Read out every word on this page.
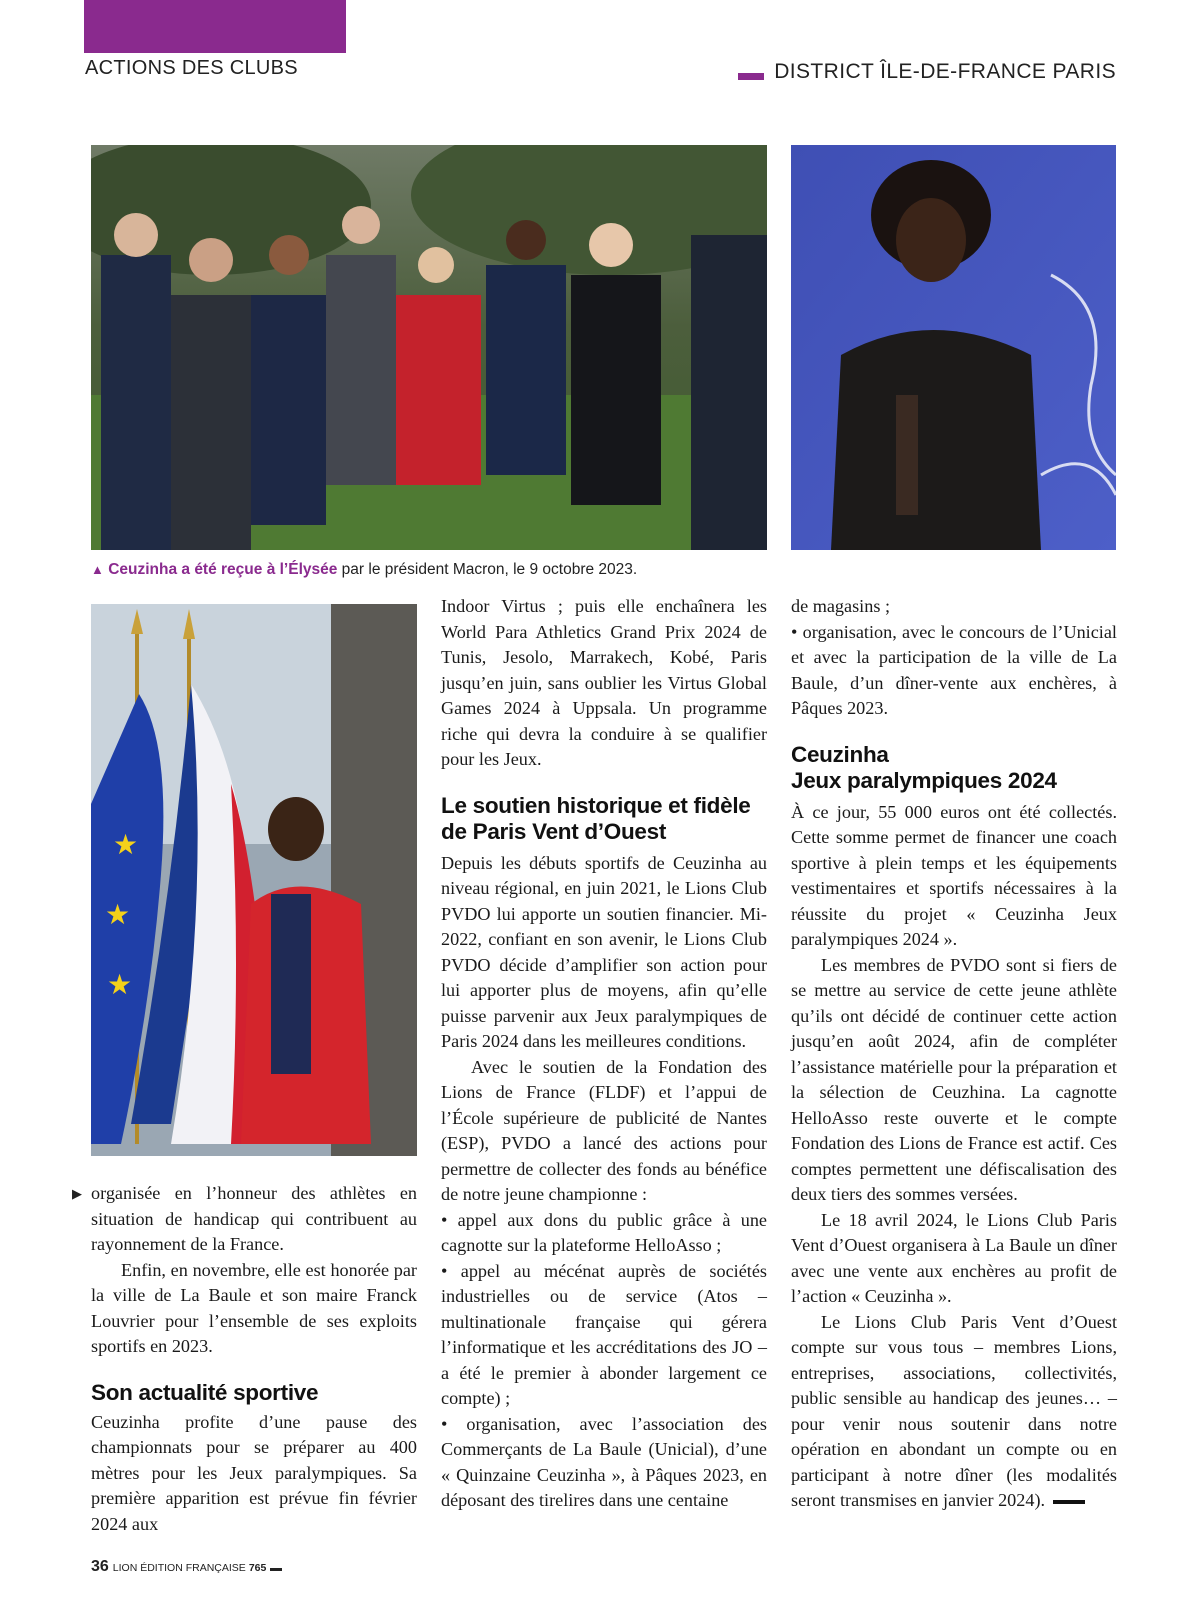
ACTIONS DES CLUBS	DISTRICT ÎLE-DE-FRANCE PARIS
▲ Ceuzinha a été reçue à l’Élysée par le président Macron, le 9 octobre 2023.
★
★
★
▶ organisée en l’honneur des athlètes en situation de handicap qui contribuent au rayonnement de la France.

Enfin, en novembre, elle est honorée par la ville de La Baule et son maire Franck Louvrier pour l’ensemble de ses exploits sportifs en 2023.

Son actualité sportive

Ceuzinha profite d’une pause des championnats pour se préparer au 400 mètres pour les Jeux paralympiques. Sa première apparition est prévue fin février 2024 aux

Indoor Virtus ; puis elle enchaînera les World Para Athletics Grand Prix 2024 de Tunis, Jesolo, Marrakech, Kobé, Paris jusqu’en juin, sans oublier les Virtus Global Games 2024 à Uppsala. Un programme riche qui devra la conduire à se qualifier pour les Jeux.

Le soutien historique et fidèle de Paris Vent d’Ouest

Depuis les débuts sportifs de Ceuzinha au niveau régional, en juin 2021, le Lions Club PVDO lui apporte un soutien financier. Mi-2022, confiant en son avenir, le Lions Club PVDO décide d’amplifier son action pour lui apporter plus de moyens, afin qu’elle puisse parvenir aux Jeux paralympiques de Paris 2024 dans les meilleures conditions.

Avec le soutien de la Fondation des Lions de France (FLDF) et l’appui de l’École supérieure de publicité de Nantes (ESP), PVDO a lancé des actions pour permettre de collecter des fonds au bénéfice de notre jeune championne :

• appel aux dons du public grâce à une cagnotte sur la plateforme HelloAsso ;

• appel au mécénat auprès de sociétés industrielles ou de service (Atos – multinationale française qui gérera l’informatique et les accréditations des JO – a été le premier à abonder largement ce compte) ;

• organisation, avec l’association des Commerçants de La Baule (Unicial), d’une « Quinzaine Ceuzinha », à Pâques 2023, en déposant des tirelires dans une centaine

de magasins ;

• organisation, avec le concours de l’Unicial et avec la participation de la ville de La Baule, d’un dîner-vente aux enchères, à Pâques 2023.

Ceuzinha
Jeux paralympiques 2024

À ce jour, 55 000 euros ont été collectés. Cette somme permet de financer une coach sportive à plein temps et les équipements vestimentaires et sportifs nécessaires à la réussite du projet « Ceuzinha Jeux paralympiques 2024 ».

Les membres de PVDO sont si fiers de se mettre au service de cette jeune athlète qu’ils ont décidé de continuer cette action jusqu’en août 2024, afin de compléter l’assistance matérielle pour la préparation et la sélection de Ceuzhina. La cagnotte HelloAsso reste ouverte et le compte Fondation des Lions de France est actif. Ces comptes permettent une défiscalisation des deux tiers des sommes versées.

Le 18 avril 2024, le Lions Club Paris Vent d’Ouest organisera à La Baule un dîner avec une vente aux enchères au profit de l’action « Ceuzinha ».

Le Lions Club Paris Vent d’Ouest compte sur vous tous – membres Lions, entreprises, associations, collectivités, public sensible au handicap des jeunes… – pour venir nous soutenir dans notre opération en abondant un compte ou en participant à notre dîner (les modalités seront transmises en janvier 2024).

36 LION ÉDITION FRANÇAISE 765
